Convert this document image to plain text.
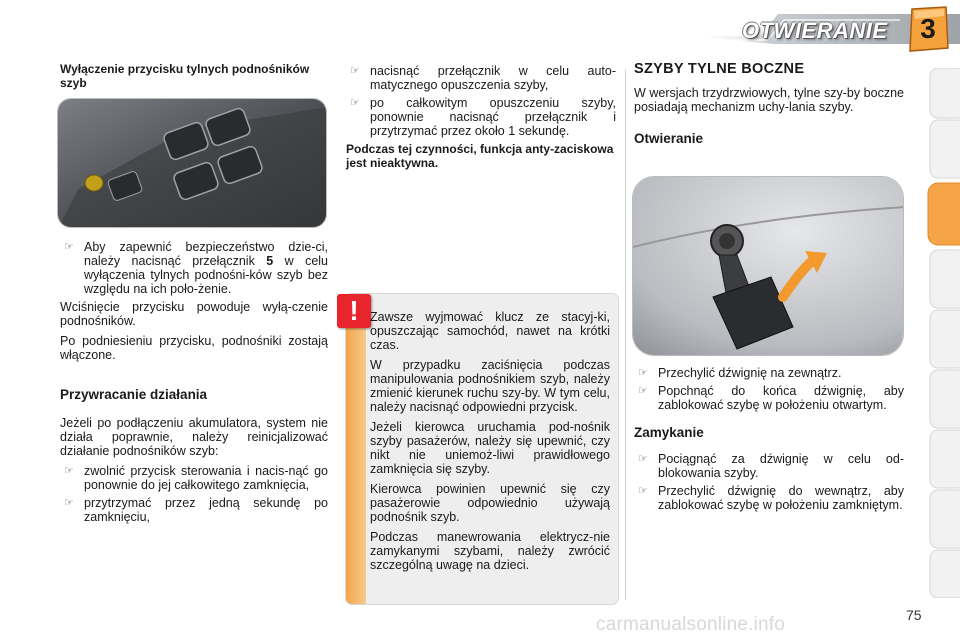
OTWIERANIE	3
Wyłączenie przycisku tylnych podnośników szyb
☞ Aby zapewnić bezpieczeństwo dzie-ci, należy nacisnąć przełącznik 5 w celu wyłączenia tylnych podnośni-ków szyb bez względu na ich poło-żenie.

Wciśnięcie przycisku powoduje wyłą-czenie podnośników.

Po podniesieniu przycisku, podnośniki zostają włączone.

Przywracanie działania

Jeżeli po podłączeniu akumulatora, system nie działa poprawnie, należy reinicjalizować działanie podnośników szyb:

☞ zwolnić przycisk sterowania i nacis-nąć go ponownie do jej całkowitego zamknięcia,
☞ przytrzymać przez jedną sekundę po zamknięciu,
☞ nacisnąć przełącznik w celu auto-matycznego opuszczenia szyby,
☞ po całkowitym opuszczeniu szyby, ponownie nacisnąć przełącznik i przytrzymać przez około 1 sekundę.
Podczas tej czynności, funkcja anty-zaciskowa jest nieaktywna.
! Zawsze wyjmować klucz ze stacyj-ki, opuszczając samochód, nawet na krótki czas.

W przypadku zaciśnięcia podczas manipulowania podnośnikiem szyb, należy zmienić kierunek ruchu szy-by. W tym celu, należy nacisnąć odpowiedni przycisk.

Jeżeli kierowca uruchamia pod-nośnik szyby pasażerów, należy się upewnić, czy nikt nie uniemoż-liwi prawidłowego zamknięcia się szyby.

Kierowca powinien upewnić się czy pasażerowie odpowiednio używają podnośnik szyb.

Podczas manewrowania elektrycz-nie zamykanymi szybami, należy zwrócić szczególną uwagę na dzieci.

SZYBY TYLNE BOCZNE

W wersjach trzydrzwiowych, tylne szy-by boczne posiadają mechanizm uchy-lania szyby.

Otwieranie
☞ Przechylić dźwignię na zewnątrz.
☞ Popchnąć do końca dźwignię, aby zablokować szybę w położeniu otwartym.
Zamykanie
☞ Pociągnąć za dźwignię w celu od-blokowania szyby.
☞ Przechylić dźwignię do wewnątrz, aby zablokować szybę w położeniu zamkniętym.
75
carmanualsonline.info
